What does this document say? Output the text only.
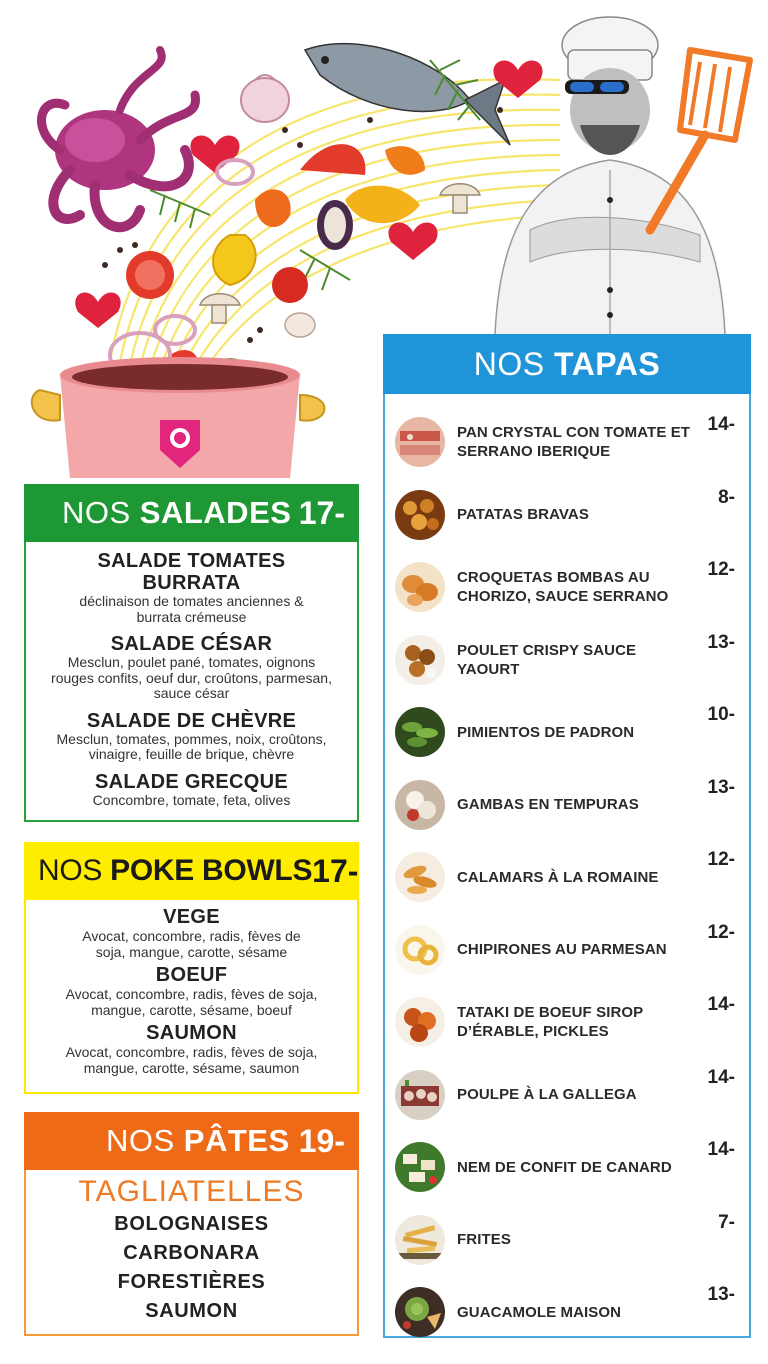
NOS SALADES 17-
SALADE TOMATES BURRATA
déclinaison de tomates anciennes & burrata crémeuse
SALADE CÉSAR
Mesclun, poulet pané, tomates, oignons rouges confits, oeuf dur, croûtons, parmesan, sauce césar
SALADE DE CHÈVRE
Mesclun, tomates, pommes, noix, croûtons, vinaigre, feuille de brique, chèvre
SALADE GRECQUE
Concombre, tomate, feta, olives
NOS POKE BOWLS 17-
VEGE
Avocat, concombre, radis, fèves de soja, mangue, carotte, sésame
BOEUF
Avocat, concombre, radis, fèves de soja, mangue, carotte, sésame, boeuf
SAUMON
Avocat, concombre, radis, fèves de soja, mangue, carotte, sésame, saumon
NOS PÂTES 19-
TAGLIATELLES
BOLOGNAISES
CARBONARA
FORESTIÈRES
SAUMON
NOS TAPAS
PAN CRYSTAL CON TOMATE ET SERRANO IBERIQUE
14-
PATATAS BRAVAS
8-
CROQUETAS BOMBAS AU CHORIZO, SAUCE SERRANO
12-
POULET CRISPY SAUCE YAOURT
13-
PIMIENTOS DE PADRON
10-
GAMBAS EN TEMPURAS
13-
CALAMARS À LA ROMAINE
12-
CHIPIRONES AU PARMESAN
12-
TATAKI DE BOEUF SIROP D’ÉRABLE, PICKLES
14-
POULPE À LA GALLEGA
14-
NEM DE CONFIT DE CANARD
14-
FRITES
7-
GUACAMOLE MAISON
13-
